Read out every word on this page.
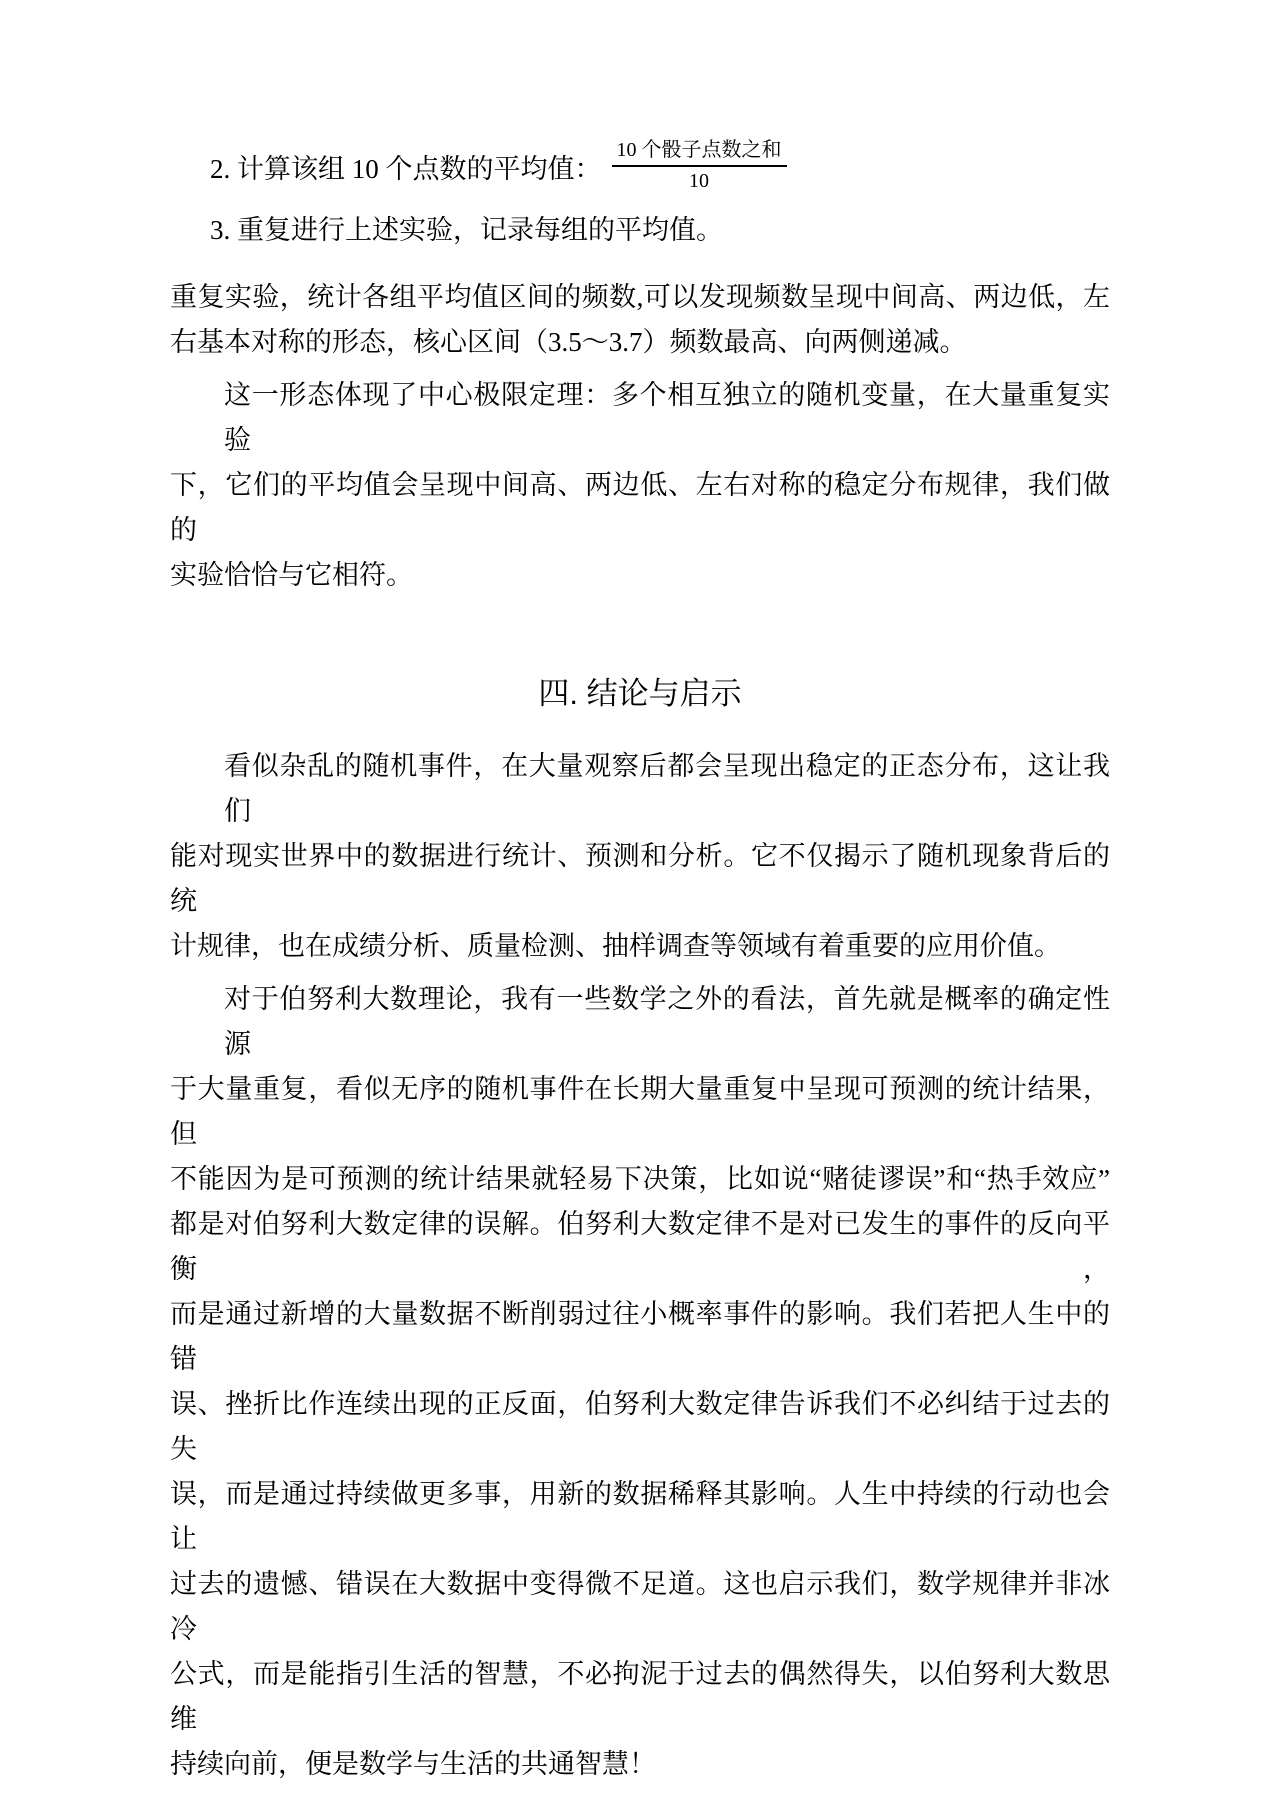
2. 计算该组 10 个点数的平均值： $\frac{\text{10 个骰子点数之和}}{10}$
3. 重复进行上述实验，记录每组的平均值。
重复实验，统计各组平均值区间的频数,可以发现频数呈现中间高、两边低，左
右基本对称的形态，核心区间（3.5～3.7）频数最高、向两侧递减。
这一形态体现了中心极限定理：多个相互独立的随机变量，在大量重复实验
下，它们的平均值会呈现中间高、两边低、左右对称的稳定分布规律，我们做的
实验恰恰与它相符。
四. 结论与启示
看似杂乱的随机事件，在大量观察后都会呈现出稳定的正态分布，这让我们
能对现实世界中的数据进行统计、预测和分析。它不仅揭示了随机现象背后的统
计规律，也在成绩分析、质量检测、抽样调查等领域有着重要的应用价值。
对于伯努利大数理论，我有一些数学之外的看法，首先就是概率的确定性源
于大量重复，看似无序的随机事件在长期大量重复中呈现可预测的统计结果，但
不能因为是可预测的统计结果就轻易下决策，比如说“赌徒谬误”和“热手效应”
都是对伯努利大数定律的误解。伯努利大数定律不是对已发生的事件的反向平衡，
而是通过新增的大量数据不断削弱过往小概率事件的影响。我们若把人生中的错
误、挫折比作连续出现的正反面，伯努利大数定律告诉我们不必纠结于过去的失
误，而是通过持续做更多事，用新的数据稀释其影响。人生中持续的行动也会让
过去的遗憾、错误在大数据中变得微不足道。这也启示我们，数学规律并非冰冷
公式，而是能指引生活的智慧，不必拘泥于过去的偶然得失，以伯努利大数思维
持续向前，便是数学与生活的共通智慧！
